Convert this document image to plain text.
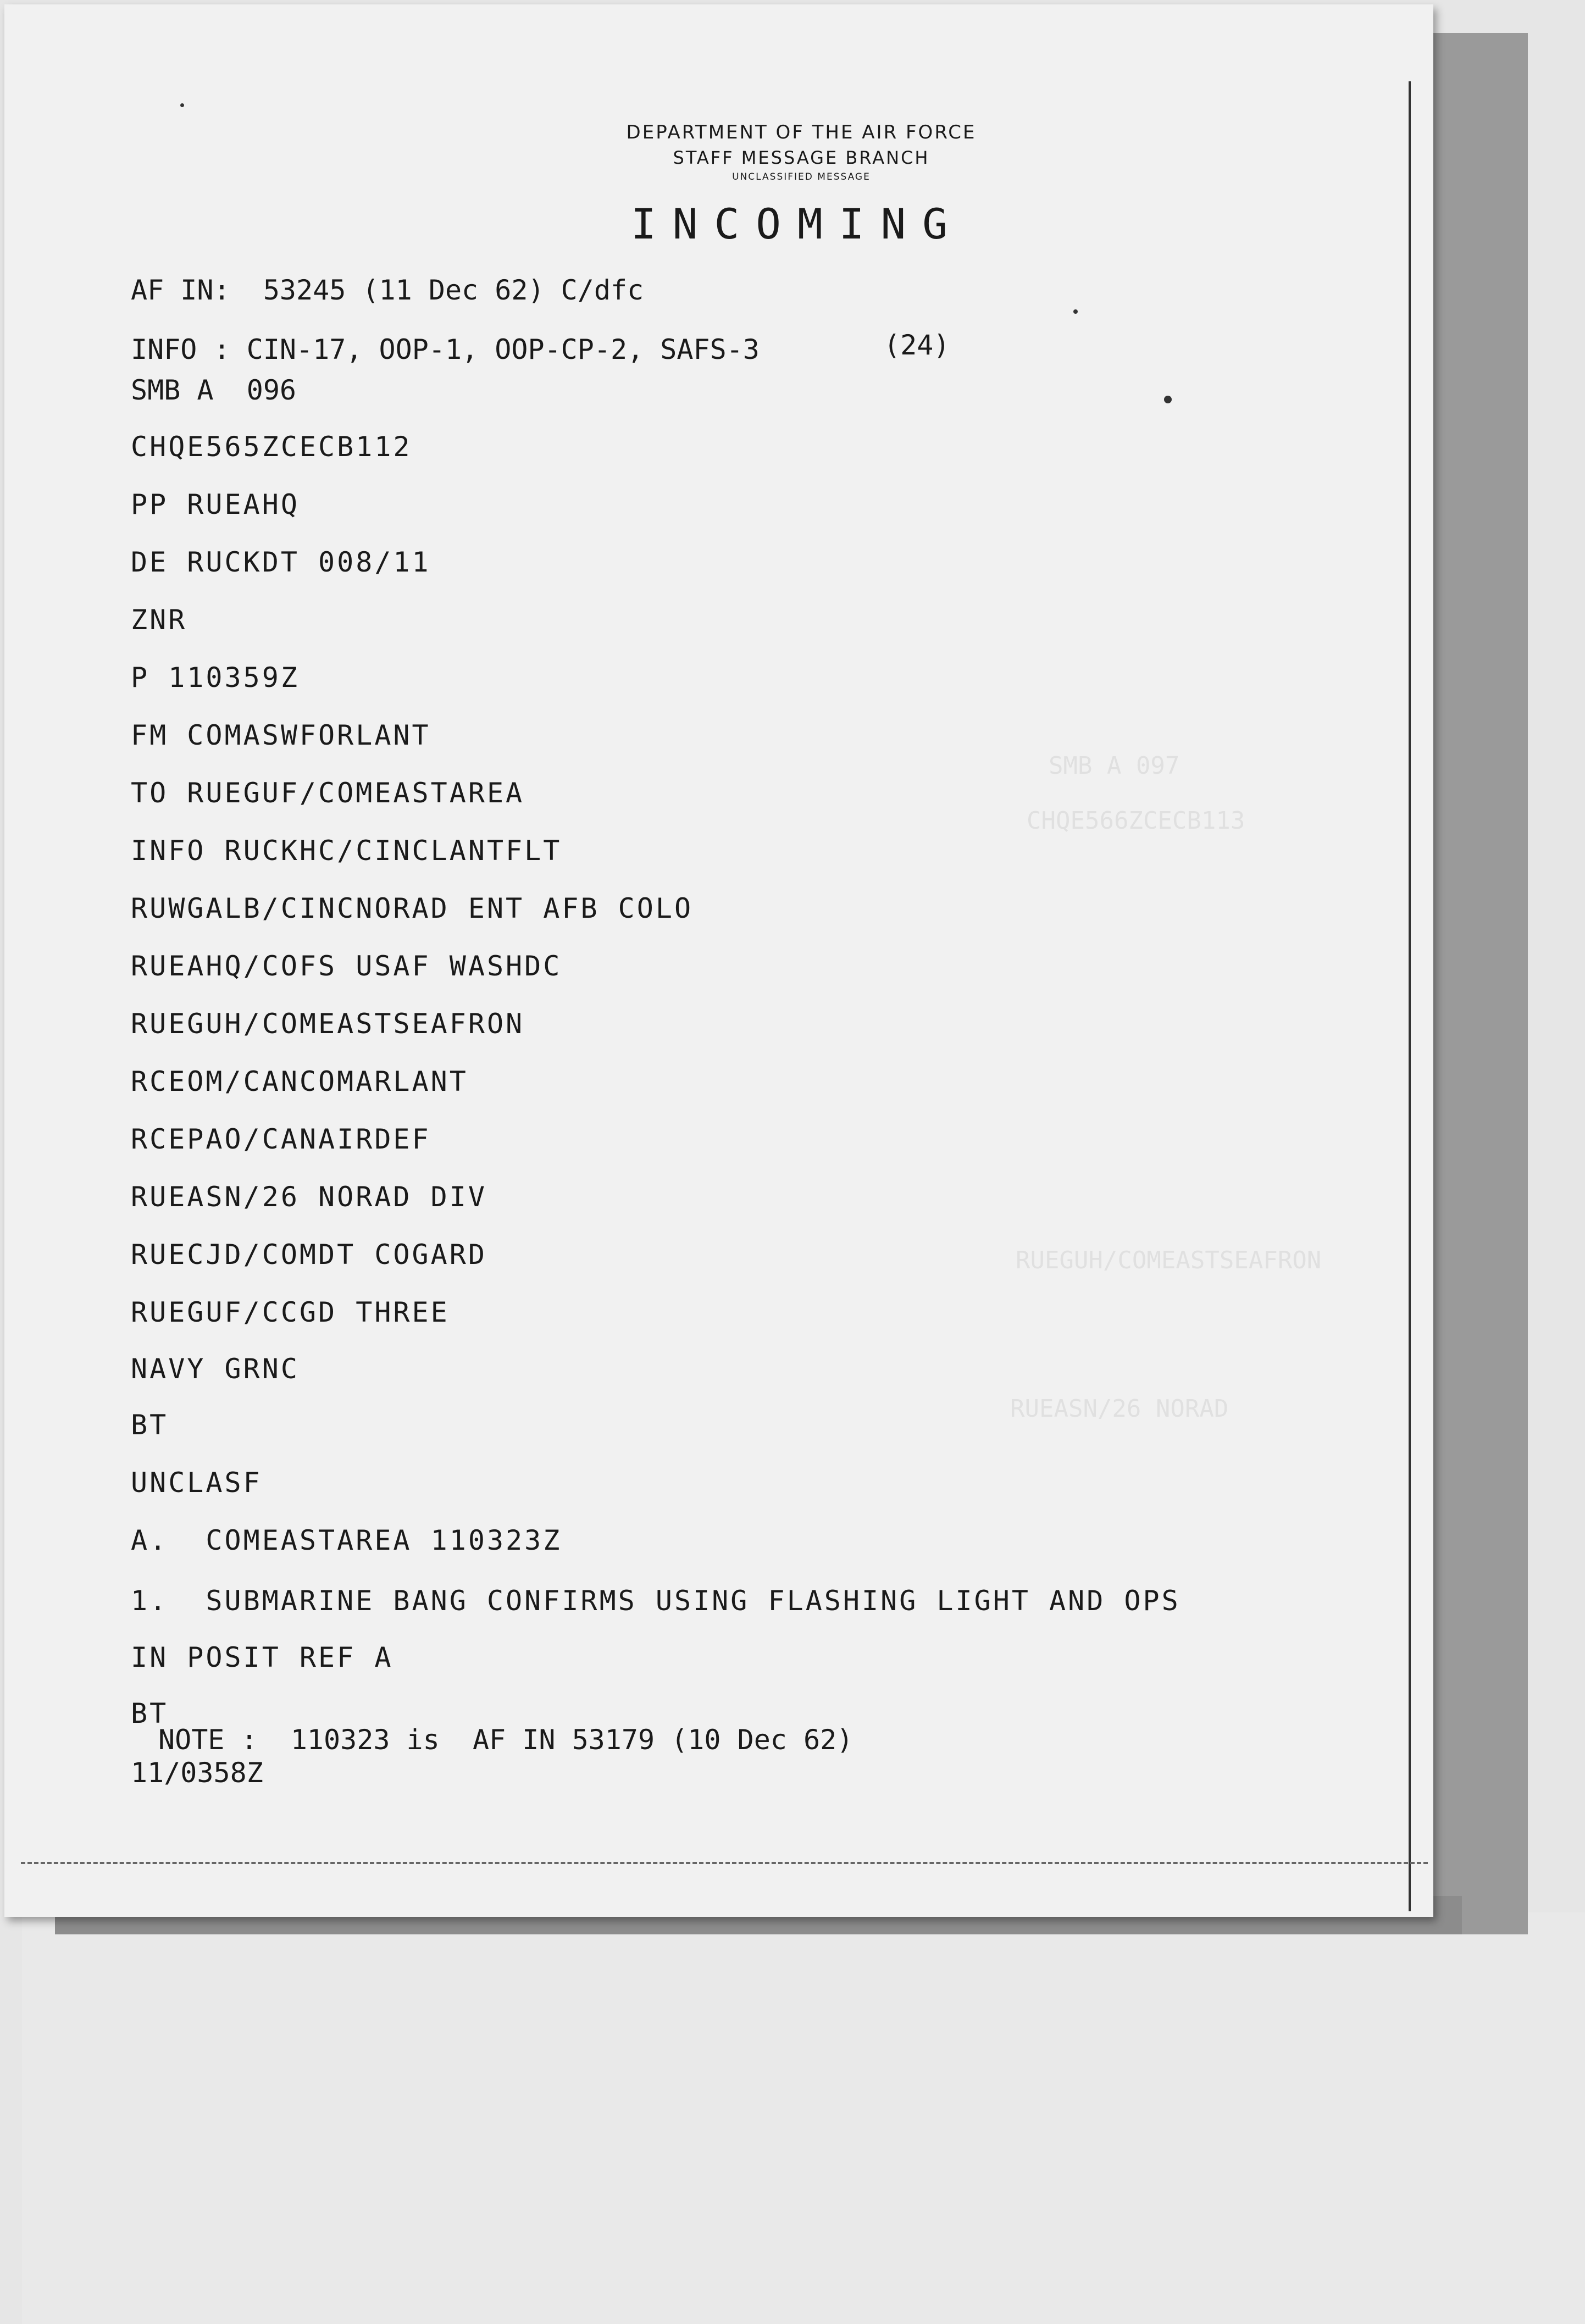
SMB A 097
CHQE566ZCECB113
RUEGUH/COMEASTSEAFRON
RUEASN/26 NORAD
DEPARTMENT OF THE AIR FORCE
STAFF MESSAGE BRANCH
UNCLASSIFIED MESSAGE
INCOMING
AF IN:  53245 (11 Dec 62) C/dfc
INFO : CIN-17, OOP-1, OOP-CP-2, SAFS-3	(24)
SMB A  096
CHQE565ZCECB112
PP RUEAHQ
DE RUCKDT 008/11
ZNR
P 110359Z
FM COMASWFORLANT
TO RUEGUF/COMEASTAREA
INFO RUCKHC/CINCLANTFLT
RUWGALB/CINCNORAD ENT AFB COLO
RUEAHQ/COFS USAF WASHDC
RUEGUH/COMEASTSEAFRON
RCEOM/CANCOMARLANT
RCEPAO/CANAIRDEF
RUEASN/26 NORAD DIV
RUECJD/COMDT COGARD
RUEGUF/CCGD THREE
NAVY GRNC
BT
UNCLASF
A.  COMEASTAREA 110323Z
1.  SUBMARINE BANG CONFIRMS USING FLASHING LIGHT AND OPS
IN POSIT REF A
BT
NOTE :  110323 is  AF IN 53179 (10 Dec 62)
11/0358Z
